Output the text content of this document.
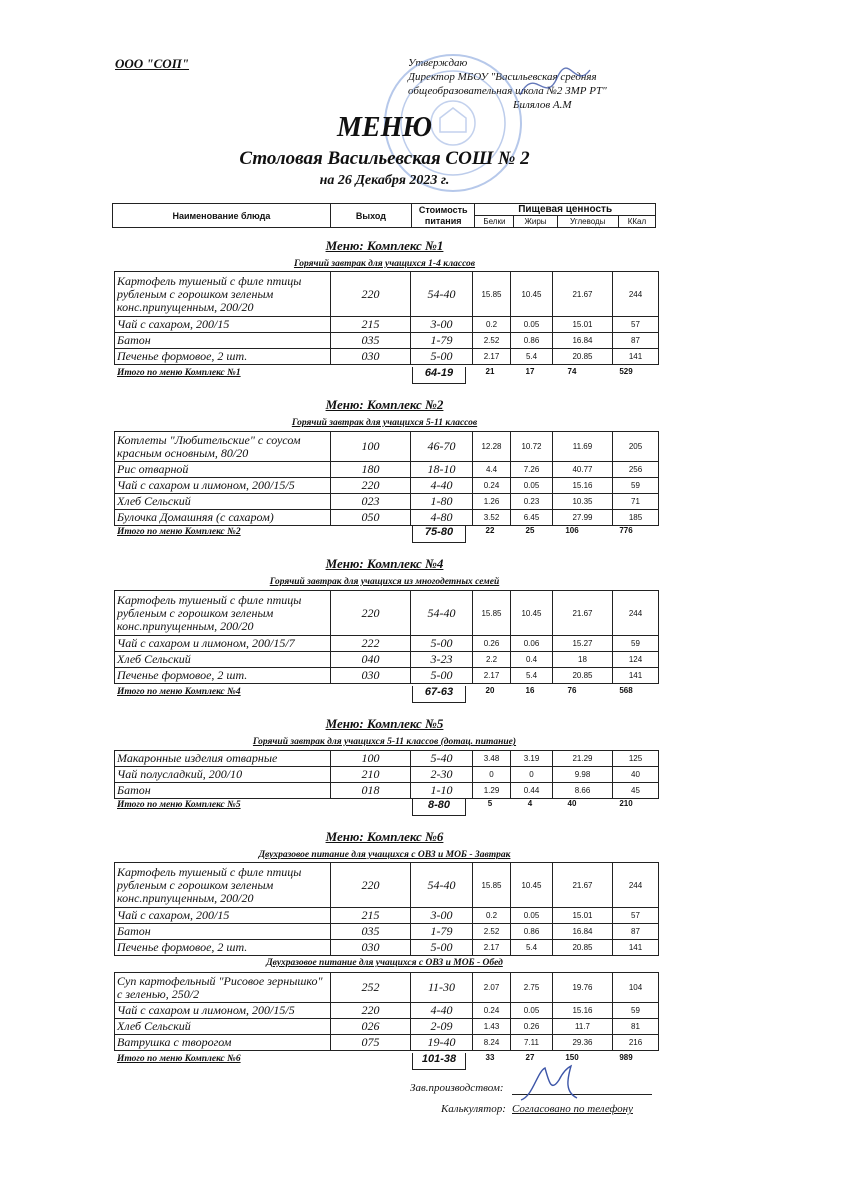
ООО "СОП"	Утверждаю
Директор МБОУ "Васильевская средняя
общеобразовательная школа №2 ЗМР РТ"
Билялов А.М
МЕНЮ
Столовая Васильевская СОШ № 2
на 26 Декабря 2023 г.
Наименование блюда	Выход	Стоимость	Пищевая ценность			
		питания	Белки	Жиры	Углеводы	ККал
Меню: Комплекс №1
Горячий завтрак для учащихся 1-4 классов
Картофель тушеный с филе птицы рубленым с горошком зеленым конс.припущенным, 200/20	220	54-40	15.85	10.45	21.67	244
Чай с сахаром, 200/15	215	3-00	0.2	0.05	15.01	57
Батон	035	1-79	2.52	0.86	16.84	87
Печенье формовое, 2 шт.	030	5-00	2.17	5.4	20.85	141
Итого по меню Комплекс №1	64-19	21	17	74	529
Меню: Комплекс №2
Горячий завтрак для учащихся 5-11 классов
Котлеты "Любительские" с соусом красным основным, 80/20	100	46-70	12.28	10.72	11.69	205
Рис отварной	180	18-10	4.4	7.26	40.77	256
Чай с сахаром и лимоном, 200/15/5	220	4-40	0.24	0.05	15.16	59
Хлеб Сельский	023	1-80	1.26	0.23	10.35	71
Булочка Домашняя (с сахаром)	050	4-80	3.52	6.45	27.99	185
Итого по меню Комплекс №2	75-80	22	25	106	776
Меню: Комплекс №4
Горячий завтрак для учащихся из многодетных семей
Картофель тушеный с филе птицы рубленым с горошком зеленым конс.припущенным, 200/20	220	54-40	15.85	10.45	21.67	244
Чай с сахаром и лимоном, 200/15/7	222	5-00	0.26	0.06	15.27	59
Хлеб Сельский	040	3-23	2.2	0.4	18	124
Печенье формовое, 2 шт.	030	5-00	2.17	5.4	20.85	141
Итого по меню Комплекс №4	67-63	20	16	76	568
Меню: Комплекс №5
Горячий завтрак для учащихся 5-11 классов (дотац. питание)
Макаронные изделия отварные	100	5-40	3.48	3.19	21.29	125
Чай полусладкий, 200/10	210	2-30	0	0	9.98	40
Батон	018	1-10	1.29	0.44	8.66	45
Итого по меню Комплекс №5	8-80	5	4	40	210
Меню: Комплекс №6
Двухразовое питание для учащихся с ОВЗ и МОБ - Завтрак
Картофель тушеный с филе птицы рубленым с горошком зеленым конс.припущенным, 200/20	220	54-40	15.85	10.45	21.67	244
Чай с сахаром, 200/15	215	3-00	0.2	0.05	15.01	57
Батон	035	1-79	2.52	0.86	16.84	87
Печенье формовое, 2 шт.	030	5-00	2.17	5.4	20.85	141
Двухразовое питание для учащихся с ОВЗ и МОБ - Обед
Суп картофельный "Рисовое зернышко" с зеленью, 250/2	252	11-30	2.07	2.75	19.76	104
Чай с сахаром и лимоном, 200/15/5	220	4-40	0.24	0.05	15.16	59
Хлеб Сельский	026	2-09	1.43	0.26	11.7	81
Ватрушка с творогом	075	19-40	8.24	7.11	29.36	216
Итого по меню Комплекс №6	101-38	33	27	150	989
Зав.производством:
Калькулятор: Согласовано по телефону
